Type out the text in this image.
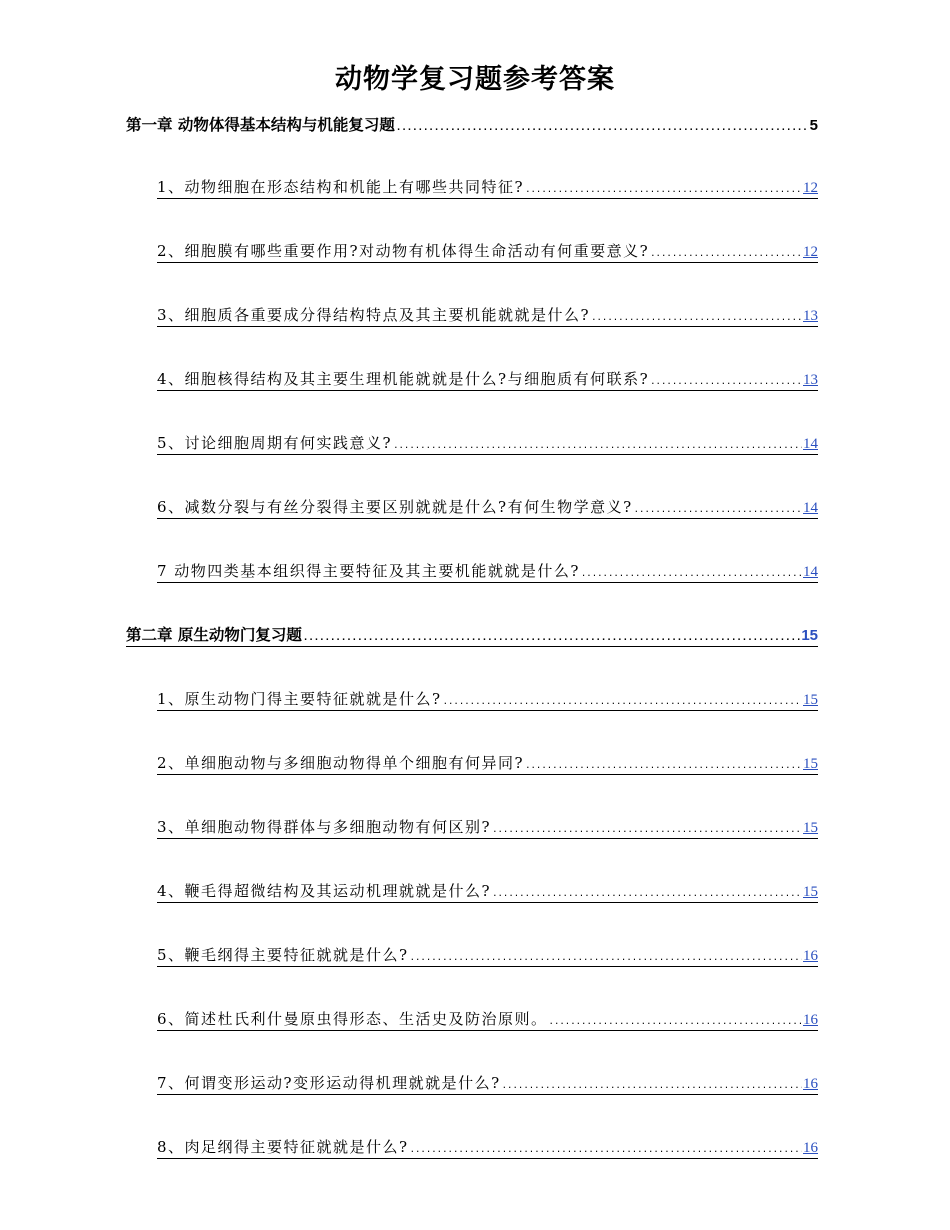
动物学复习题参考答案
第一章 动物体得基本结构与机能复习题 .....	5
1、动物细胞在形态结构和机能上有哪些共同特征? .....	12
2、细胞膜有哪些重要作用?对动物有机体得生命活动有何重要意义? .....	12
3、细胞质各重要成分得结构特点及其主要机能就就是什么? .....	13
4、细胞核得结构及其主要生理机能就就是什么?与细胞质有何联系? .....	13
5、讨论细胞周期有何实践意义? .....	14
6、减数分裂与有丝分裂得主要区别就就是什么?有何生物学意义? .....	14
7 动物四类基本组织得主要特征及其主要机能就就是什么? .....	14
第二章 原生动物门复习题 .....	15
1、原生动物门得主要特征就就是什么? .....	15
2、单细胞动物与多细胞动物得单个细胞有何异同? .....	15
3、单细胞动物得群体与多细胞动物有何区别? .....	15
4、鞭毛得超微结构及其运动机理就就是什么? .....	15
5、鞭毛纲得主要特征就就是什么? .....	16
6、简述杜氏利什曼原虫得形态、生活史及防治原则。 .....	16
7、何谓变形运动?变形运动得机理就就是什么? .....	16
8、肉足纲得主要特征就就是什么? .....	16
